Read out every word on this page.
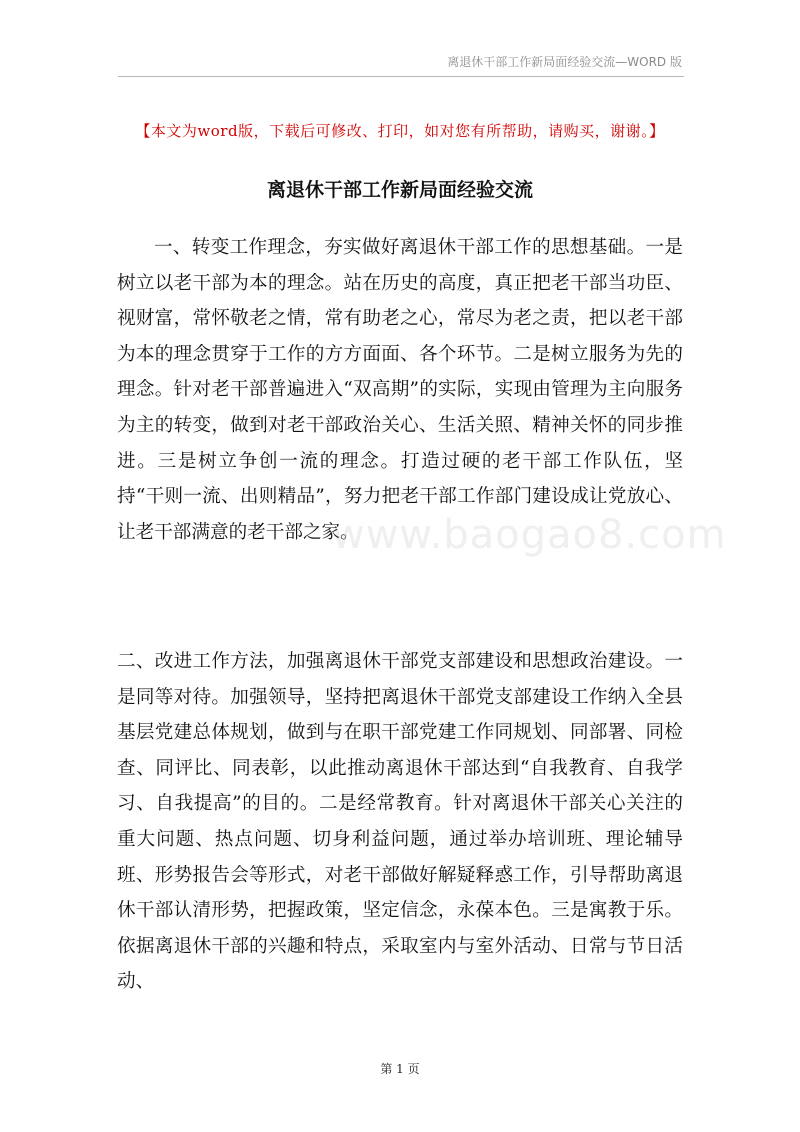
离退休干部工作新局面经验交流—WORD 版
【本文为word版，下载后可修改、打印，如对您有所帮助，请购买，谢谢。】
离退休干部工作新局面经验交流
一、转变工作理念，夯实做好离退休干部工作的思想基础。一是树立以老干部为本的理念。站在历史的高度，真正把老干部当功臣、视财富，常怀敬老之情，常有助老之心，常尽为老之责，把以老干部为本的理念贯穿于工作的方方面面、各个环节。二是树立服务为先的理念。针对老干部普遍进入“双高期”的实际，实现由管理为主向服务为主的转变，做到对老干部政治关心、生活关照、精神关怀的同步推进。三是树立争创一流的理念。打造过硬的老干部工作队伍，坚持“干则一流、出则精品”，努力把老干部工作部门建设成让党放心、让老干部满意的老干部之家。
www.baogao8.com
二、改进工作方法，加强离退休干部党支部建设和思想政治建设。一是同等对待。加强领导，坚持把离退休干部党支部建设工作纳入全县基层党建总体规划，做到与在职干部党建工作同规划、同部署、同检查、同评比、同表彰，以此推动离退休干部达到“自我教育、自我学习、自我提高”的目的。二是经常教育。针对离退休干部关心关注的重大问题、热点问题、切身利益问题，通过举办培训班、理论辅导班、形势报告会等形式，对老干部做好解疑释惑工作，引导帮助离退休干部认清形势，把握政策，坚定信念，永葆本色。三是寓教于乐。依据离退休干部的兴趣和特点，采取室内与室外活动、日常与节日活动、
第 1 页
